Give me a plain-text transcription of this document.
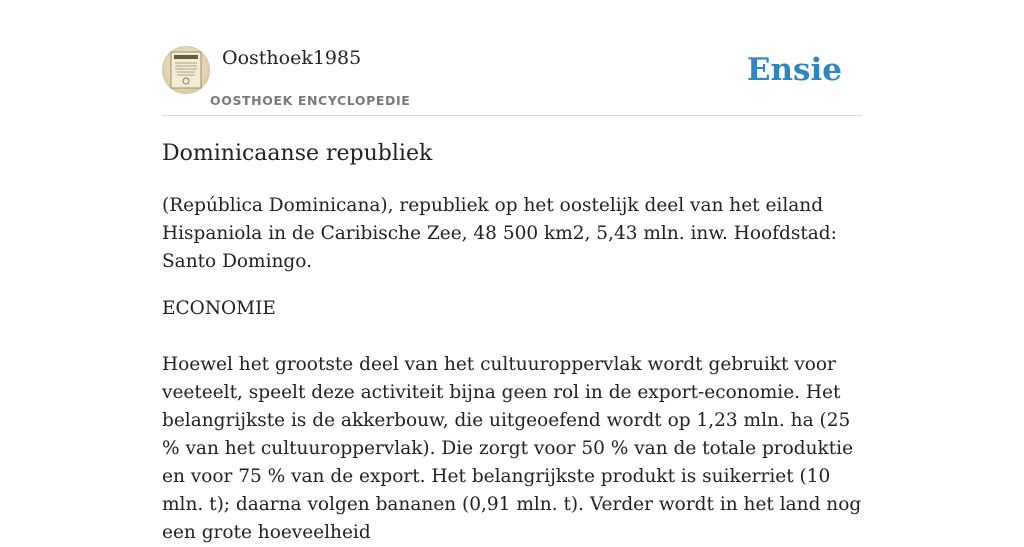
Oosthoek1985
OOSTHOEK ENCYCLOPEDIE
Ensie
Dominicaanse republiek

(República Dominicana), republiek op het oostelijk deel van het eiland Hispaniola in de Caribische Zee, 48 500 km2, 5,43 mln. inw. Hoofdstad: Santo Domingo.

ECONOMIE

Hoewel het grootste deel van het cultuuroppervlak wordt gebruikt voor veeteelt, speelt deze activiteit bijna geen rol in de export-economie. Het belangrijkste is de akkerbouw, die uitgeoefend wordt op 1,23 mln. ha (25 % van het cultuuroppervlak). Die zorgt voor 50 % van de totale produktie en voor 75 % van de export. Het belangrijkste produkt is suikerriet (10 mln. t); daarna volgen bananen (0,91 mln. t). Verder wordt in het land nog een grote hoeveelheid
